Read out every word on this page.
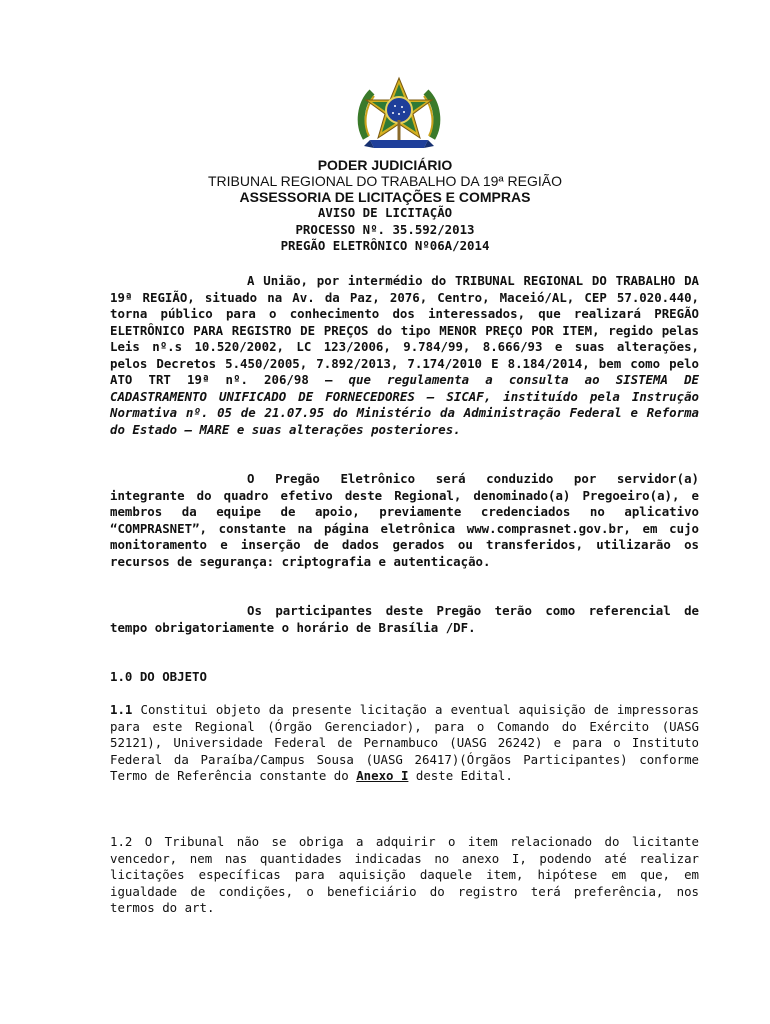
PODER JUDICIÁRIO

TRIBUNAL REGIONAL DO TRABALHO DA 19ª REGIÃO

ASSESSORIA DE LICITAÇÕES E COMPRAS

AVISO DE LICITAÇÃO

PROCESSO Nº. 35.592/2013

PREGÃO ELETRÔNICO Nº06A/2014

A União, por intermédio do TRIBUNAL REGIONAL DO TRABALHO DA 19ª REGIÃO, situado na Av. da Paz, 2076, Centro, Maceió/AL, CEP 57.020.440, torna público para o conhecimento dos interessados, que realizará PREGÃO ELETRÔNICO PARA REGISTRO DE PREÇOS do tipo MENOR PREÇO POR ITEM, regido pelas Leis nº.s 10.520/2002, LC 123/2006, 9.784/99, 8.666/93 e suas alterações, pelos Decretos 5.450/2005, 7.892/2013, 7.174/2010 E 8.184/2014, bem como pelo ATO TRT 19ª nº. 206/98 – que regulamenta a consulta ao SISTEMA DE CADASTRAMENTO UNIFICADO DE FORNECEDORES – SICAF, instituído pela Instrução Normativa nº. 05 de 21.07.95 do Ministério da Administração Federal e Reforma do Estado – MARE e suas alterações posteriores.

O Pregão Eletrônico será conduzido por servidor(a) integrante do quadro efetivo deste Regional, denominado(a) Pregoeiro(a), e membros da equipe de apoio, previamente credenciados no aplicativo “COMPRASNET”, constante na página eletrônica www.comprasnet.gov.br, em cujo monitoramento e inserção de dados gerados ou transferidos, utilizarão os recursos de segurança: criptografia e autenticação.

Os participantes deste Pregão terão como referencial de tempo obrigatoriamente o horário de Brasília /DF.

1.0 DO OBJETO

1.1 Constitui objeto da presente licitação a eventual aquisição de impressoras para este Regional (Órgão Gerenciador), para o Comando do Exército (UASG 52121), Universidade Federal de Pernambuco (UASG 26242) e para o Instituto Federal da Paraíba/Campus Sousa (UASG 26417)(Órgãos Participantes) conforme Termo de Referência constante do Anexo I deste Edital.

1.2 O Tribunal não se obriga a adquirir o item relacionado do licitante vencedor, nem nas quantidades indicadas no anexo I, podendo até realizar licitações específicas para aquisição daquele item, hipótese em que, em igualdade de condições, o beneficiário do registro terá preferência, nos termos do art.
